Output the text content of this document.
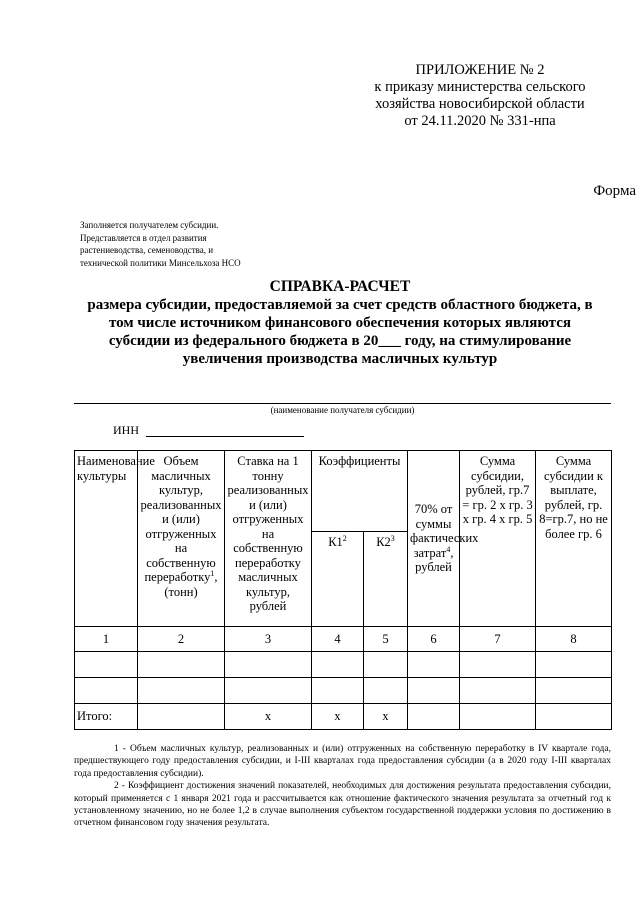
ПРИЛОЖЕНИЕ № 2
к приказу министерства сельского
хозяйства новосибирской области
от 24.11.2020 № 331-нпа
Форма
Заполняется получателем субсидии.
Представляется в отдел развития
растениеводства, семеноводства, и
технической политики Минсельхоза НСО
СПРАВКА-РАСЧЕТ
размера субсидии, предоставляемой за счет средств областного бюджета, в
том числе источником финансового обеспечения которых являются
субсидии из федерального бюджета в 20___ году, на стимулирование
увеличения производства масличных культур
(наименование получателя субсидии)
ИНН
Наименование культуры	Объем масличных культур, реализованных и (или) отгруженных на собственную переработку$^1$, (тонн)	Ставка на 1 тонну реализованных и (или) отгруженных на собственную переработку масличных культур, рублей	Коэффициенты		70% от суммы фактических затрат$^4$, рублей	Сумма субсидии, рублей, гр.7 = гр. 2 х гр. 3 х гр. 4 х гр. 5	Сумма субсидии к выплате, рублей, гр. 8=гр.7, но не более гр. 6
			$К1^2$	$К2^3$
1	2	3	4	5	6	7	8

Итого:		х	х	х			

1 - Объем масличных культур, реализованных и (или) отгруженных на собственную переработку в IV квартале года, предшествующего году предоставления субсидии, и I-III кварталах года предоставления субсидии (а в 2020 году I-III кварталах года предоставления субсидии).

2 - Коэффициент достижения значений показателей, необходимых для достижения результата предоставления субсидии, который применяется с 1 января 2021 года и рассчитывается как отношение фактического значения результата за отчетный год к установленному значению, но не более 1,2 в случае выполнения субъектом государственной поддержки условия по достижению в отчетном финансовом году значения результата.
